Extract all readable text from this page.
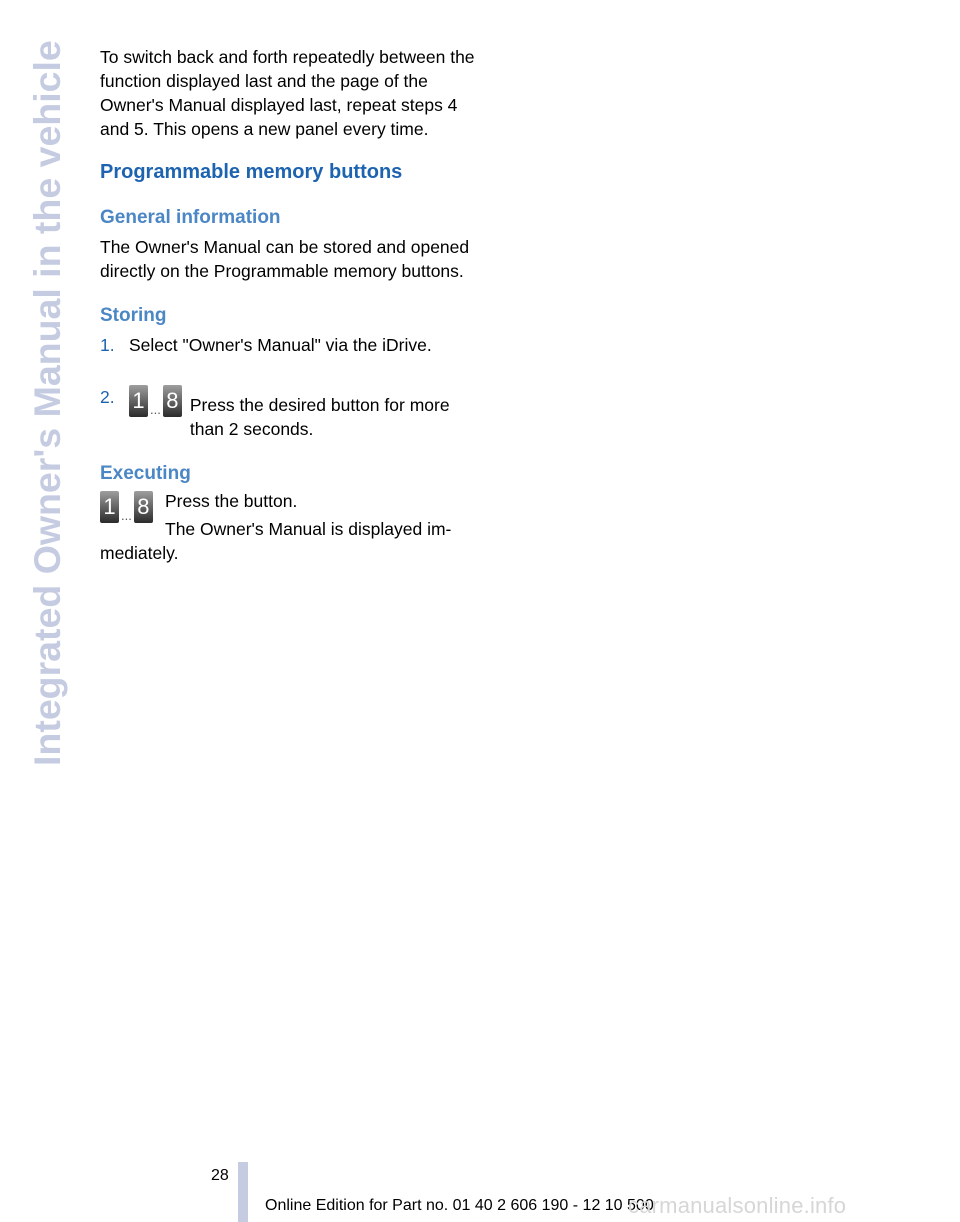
Integrated Owner's Manual in the vehicle To switch back and forth repeatedly between the function displayed last and the page of the Owner's Manual displayed last, repeat steps 4 and 5. This opens a new panel every time.

Programmable memory buttons
General information

The Owner's Manual can be stored and opened directly on the Programmable memory buttons.

Storing
1. Select "Owner's Manual" via the iDrive.
2. 1 ... 8 Press the desired button for more than 2 seconds.
Executing
1 ... 8 Press the button.
The Owner's Manual is displayed im-
mediately.
28
Online Edition for Part no. 01 40 2 606 190 - 12 10 500
carmanualsonline.info
